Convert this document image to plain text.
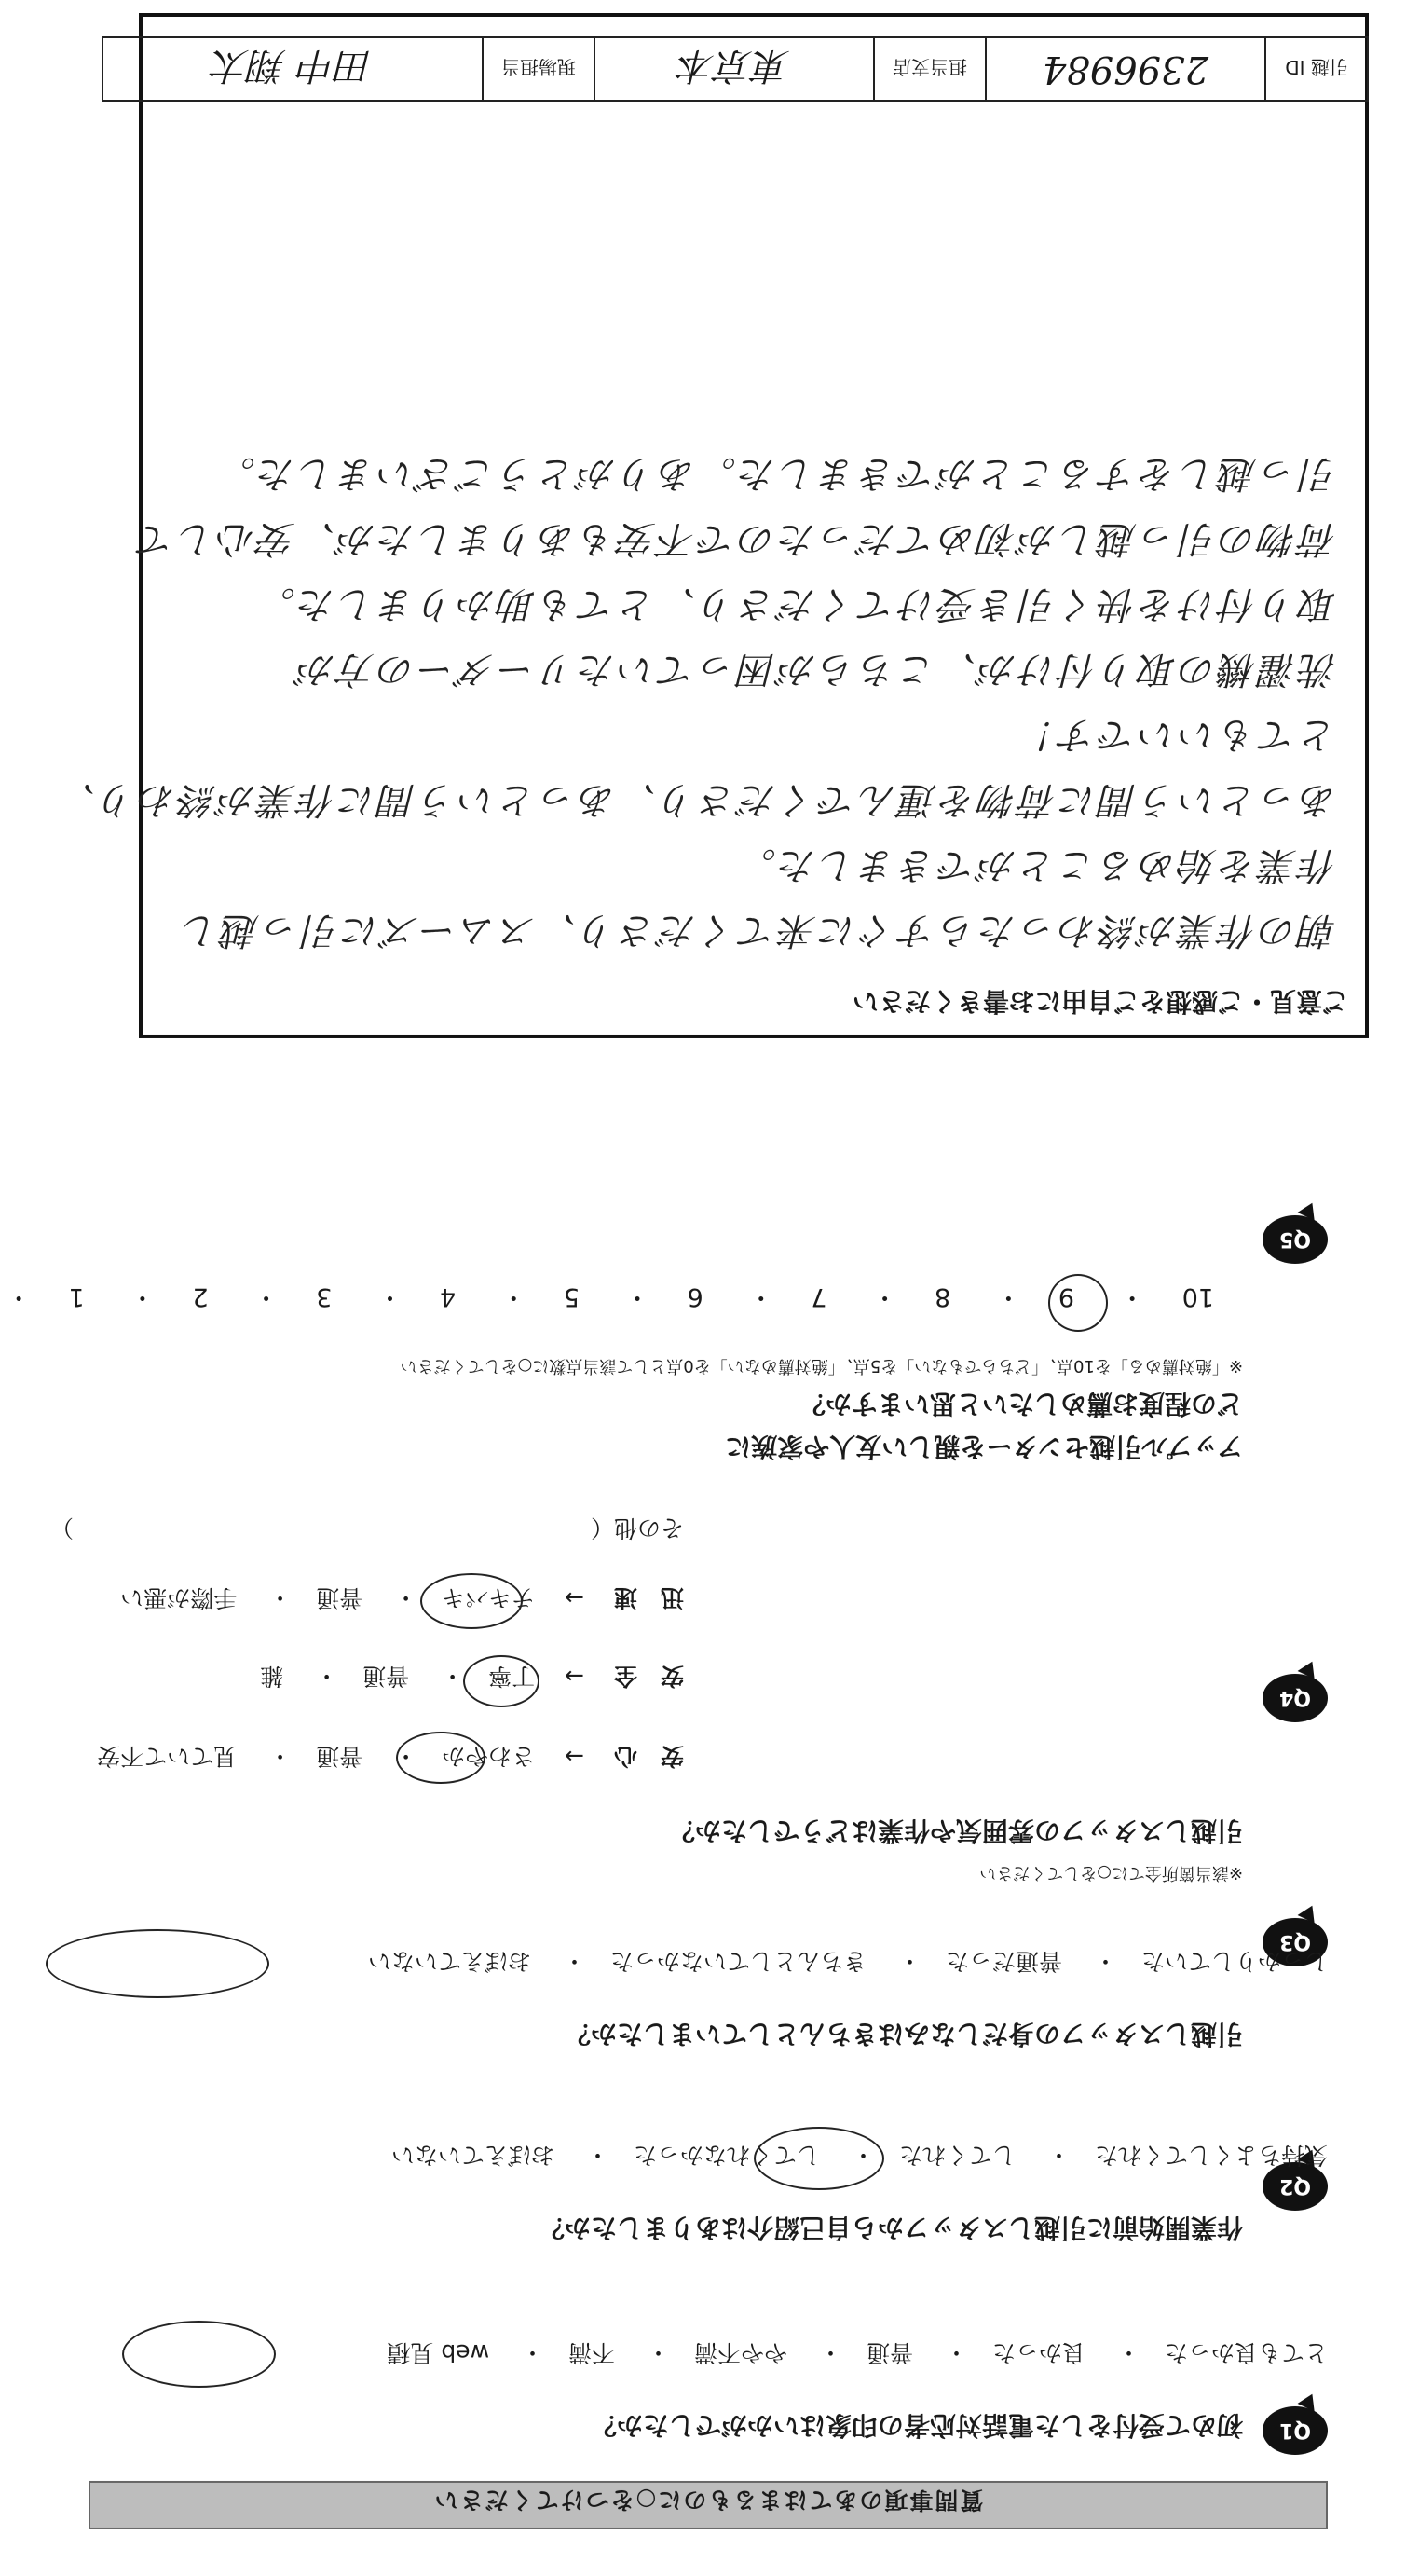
質問事項のあてはまるものに○をつけてください
Q1
初めて受付をした電話対応者の印象はいかがでしたか？
とても良かった・ 良かった・ 普通・ やや不満・ 不満・ web 見積
Q2
作業開始前に引越しスタッフから自己紹介はありましたか？
気持ちよくしてくれた・ してくれた・ してくれなかった・ おぼえていない
Q3
引越しスタッフの身だしなみはきちんとしていましたか？
しっかりしていた・ 普通だった・ きちんとしていなかった・ おぼえていない
Q4
引越しスタッフの雰囲気や作業はどうでしたか？
※該当箇所全てに○をしてください
安　心 → さわやか・ 普通・ 見ていて不安
安　全 → 丁寧・ 普通・ 雑
迅　速 → テキパキ・ 普通・ 手際が悪い
その他（
）
Q5
アップル引越センターを親しい友人や家族に
どの程度お薦めしたいと思いますか？
※「絶対薦める」を10点、「どちらでもない」を5点、「絶対薦めない」を0点として該当点数に○をしてください
10・ 9・ 8・ 7・ 6・ 5・ 4・ 3・ 2・ 1・
ご意見・ご感想をご自由にお書きください
朝の作業が終わったらすぐに来てくださり、スムーズに引っ越し
作業を始めることができました。
あっという間に荷物を運んでくださり、あっという間に作業が終わり、
とてもいいです！
洗濯機の取り付けが、こちらが困っていたリーダーの方が
取り付けを快く引き受けてくださり、とても助かりました。
荷物の引っ越しが初めてだったので不安もありましたが、安心して
引っ越しをすることができました。ありがとうございました。
引越 ID
2396984
担当支店
東京本
現場担当
田中 翔太
